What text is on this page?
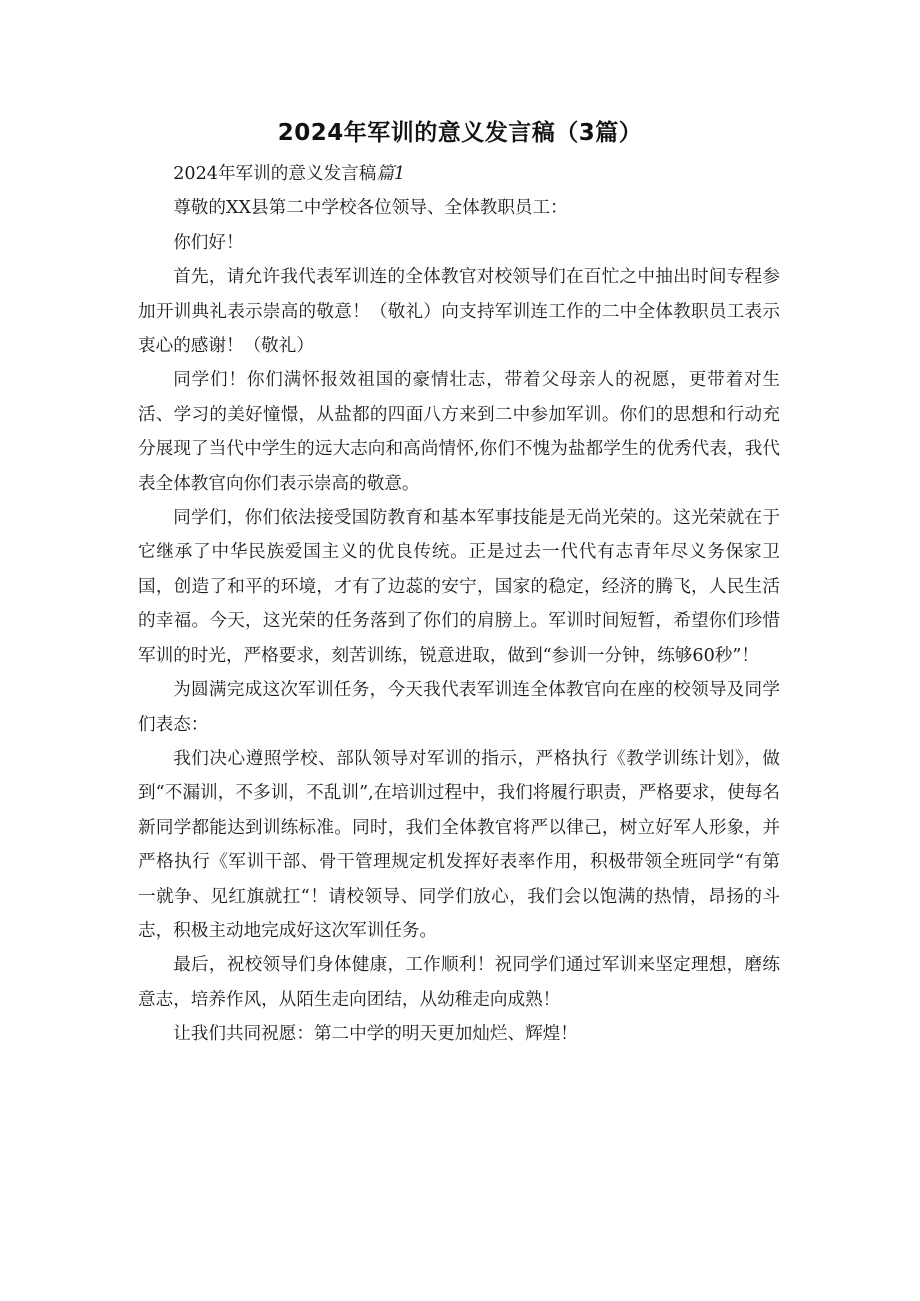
2024年军训的意义发言稿（3篇）

2024年军训的意义发言稿篇1

尊敬的XX县第二中学校各位领导、全体教职员工：

你们好！

首先，请允许我代表军训连的全体教官对校领导们在百忙之中抽出时间专程参加开训典礼表示崇高的敬意！（敬礼）向支持军训连工作的二中全体教职员工表示衷心的感谢！（敬礼）

同学们！你们满怀报效祖国的豪情壮志，带着父母亲人的祝愿，更带着对生活、学习的美好憧憬，从盐都的四面八方来到二中参加军训。你们的思想和行动充分展现了当代中学生的远大志向和高尚情怀,你们不愧为盐都学生的优秀代表，我代表全体教官向你们表示崇高的敬意。

同学们，你们依法接受国防教育和基本军事技能是无尚光荣的。这光荣就在于它继承了中华民族爱国主义的优良传统。正是过去一代代有志青年尽义务保家卫国，创造了和平的环境，才有了边蕊的安宁，国家的稳定，经济的腾飞，人民生活的幸福。今天，这光荣的任务落到了你们的肩膀上。军训时间短暂，希望你们珍惜军训的时光，严格要求，刻苦训练，锐意进取，做到“参训一分钟，练够60秒”！

为圆满完成这次军训任务，今天我代表军训连全体教官向在座的校领导及同学们表态：

我们决心遵照学校、部队领导对军训的指示，严格执行《教学训练计划》，做到“不漏训，不多训，不乱训”,在培训过程中，我们将履行职责，严格要求，使每名新同学都能达到训练标准。同时，我们全体教官将严以律己，树立好军人形象，并严格执行《军训干部、骨干管理规定机发挥好表率作用，积极带领全班同学“有第一就争、见红旗就扛“！请校领导、同学们放心，我们会以饱满的热情，昂扬的斗志，积极主动地完成好这次军训任务。

最后，祝校领导们身体健康，工作顺利！祝同学们通过军训来坚定理想，磨练意志，培养作风，从陌生走向团结，从幼稚走向成熟！

让我们共同祝愿：第二中学的明天更加灿烂、辉煌！
